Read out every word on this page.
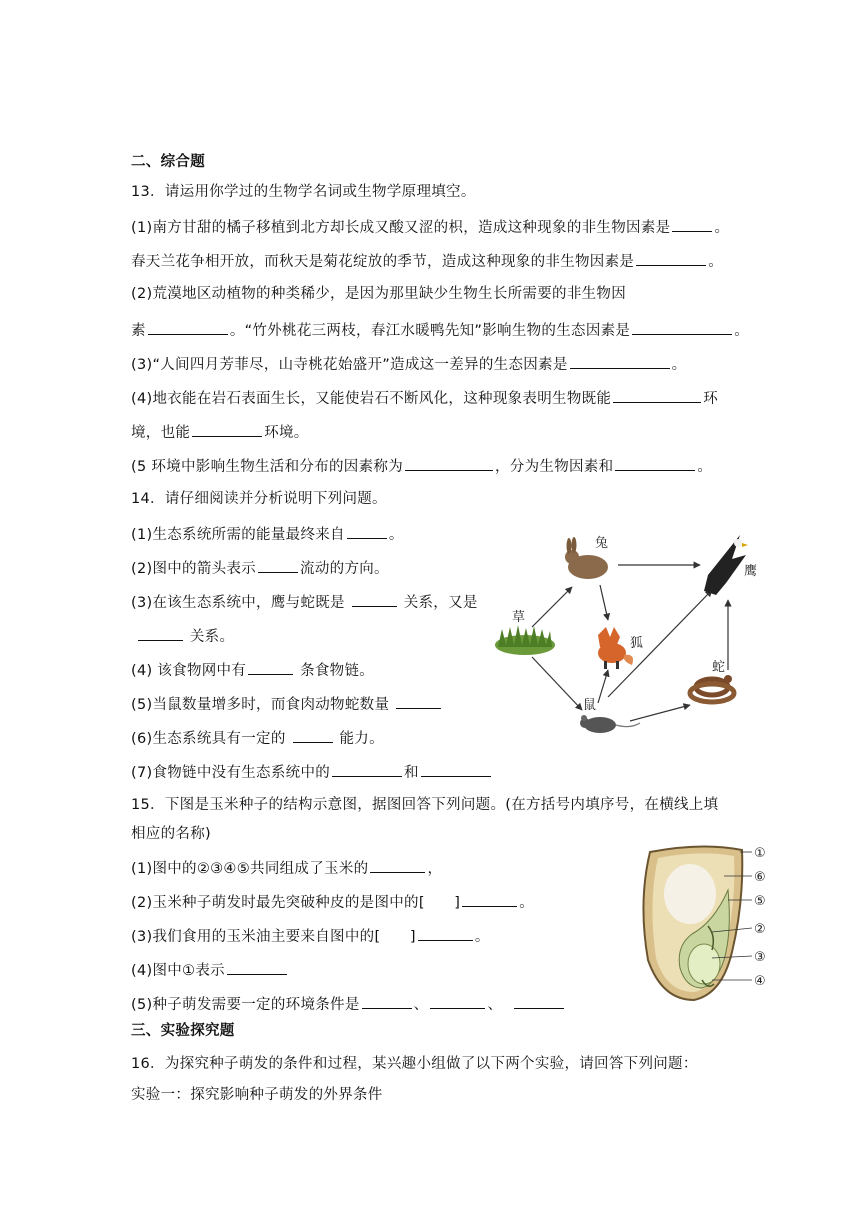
二、综合题
13．请运用你学过的生物学名词或生物学原理填空。
(1)南方甘甜的橘子移植到北方却长成又酸又涩的枳，造成这种现象的非生物因素是	。
春天兰花争相开放，而秋天是菊花绽放的季节，造成这种现象的非生物因素是	。
(2)荒漠地区动植物的种类稀少，是因为那里缺少生物生长所需要的非生物因
素	。“竹外桃花三两枝，春江水暖鸭先知”影响生物的生态因素是	。
(3)“人间四月芳菲尽，山寺桃花始盛开”造成这一差异的生态因素是	。
(4)地衣能在岩石表面生长，又能使岩石不断风化，这种现象表明生物既能	环
境，也能	环境。
(5 环境中影响生物生活和分布的因素称为	，分为生物因素和	。
14．请仔细阅读并分析说明下列问题。
(1)生态系统所需的能量最终来自	。
(2)图中的箭头表示	流动的方向。
(3)在该生态系统中，鹰与蛇既是	关系，又是
关系。
(4) 该食物网中有	条食物链。
(5)当鼠数量增多时，而食肉动物蛇数量
(6)生态系统具有一定的	能力。
(7)食物链中没有生态系统中的	和
草
兔
鹰
狐
蛇
鼠
15．下图是玉米种子的结构示意图，据图回答下列问题。(在方括号内填序号，在横线上填
相应的名称)
(1)图中的②③④⑤共同组成了玉米的	，
(2)玉米种子萌发时最先突破种皮的是图中的[ ]	。
(3)我们食用的玉米油主要来自图中的[ ]	。
(4)图中①表示
(5)种子萌发需要一定的环境条件是	、	、
①
⑥
⑤
②
③
④
三、实验探究题
16．为探究种子萌发的条件和过程，某兴趣小组做了以下两个实验，请回答下列问题：
实验一：探究影响种子萌发的外界条件
